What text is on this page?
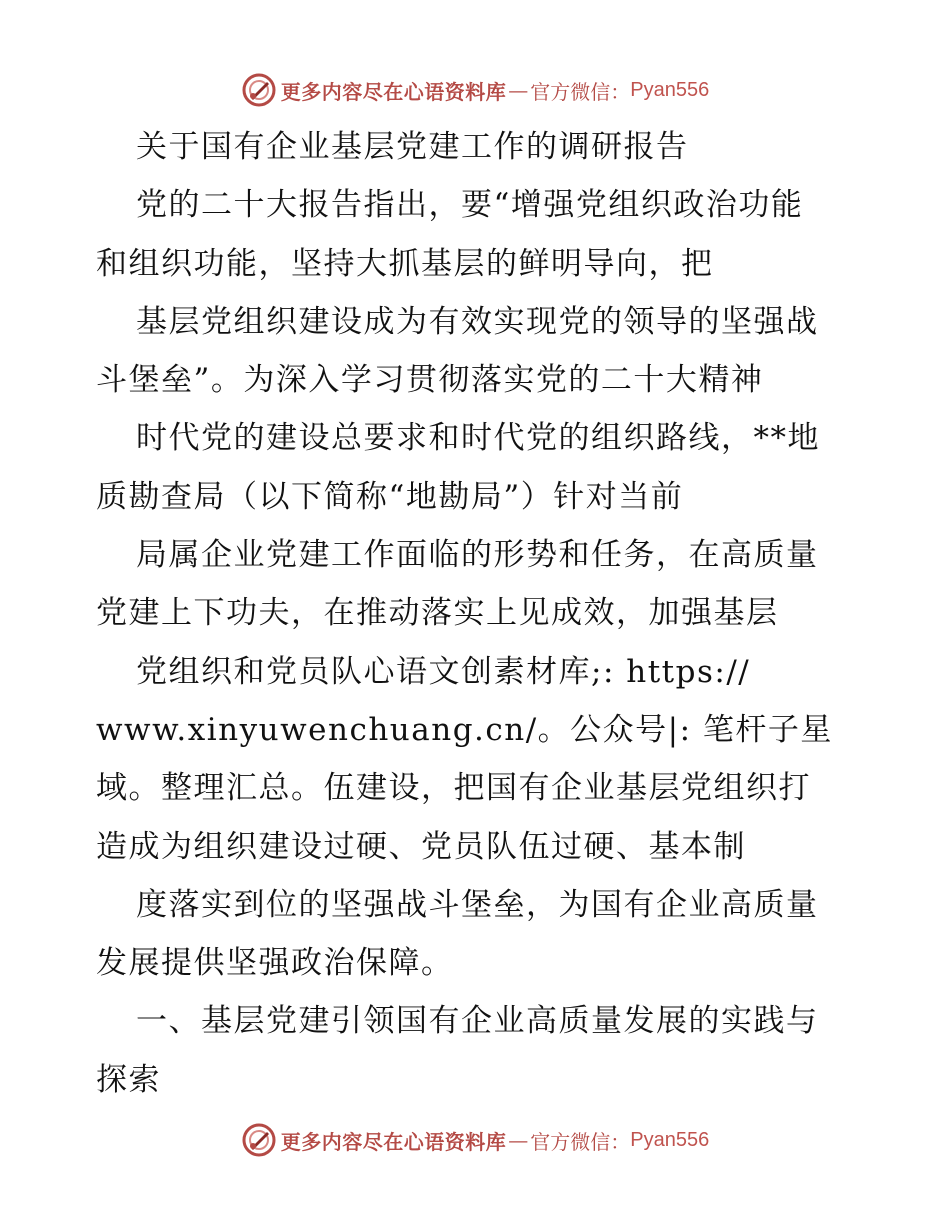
更多内容尽在心语资料库 — 官方微信： Pyan556
关于国有企业基层党建工作的调研报告
党的二十大报告指出，要“增强党组织政治功能
和组织功能，坚持大抓基层的鲜明导向，把
基层党组织建设成为有效实现党的领导的坚强战
斗堡垒”。为深入学习贯彻落实党的二十大精神
时代党的建设总要求和时代党的组织路线，**地
质勘查局（以下简称“地勘局”）针对当前
局属企业党建工作面临的形势和任务，在高质量
党建上下功夫，在推动落实上见成效，加强基层
党组织和党员队心语文创素材库;: https://
www.xinyuwenchuang.cn/。公众号|: 笔杆子星
域。整理汇总。伍建设，把国有企业基层党组织打
造成为组织建设过硬、党员队伍过硬、基本制
度落实到位的坚强战斗堡垒，为国有企业高质量
发展提供坚强政治保障。
一、基层党建引领国有企业高质量发展的实践与
探索
更多内容尽在心语资料库 — 官方微信： Pyan556
